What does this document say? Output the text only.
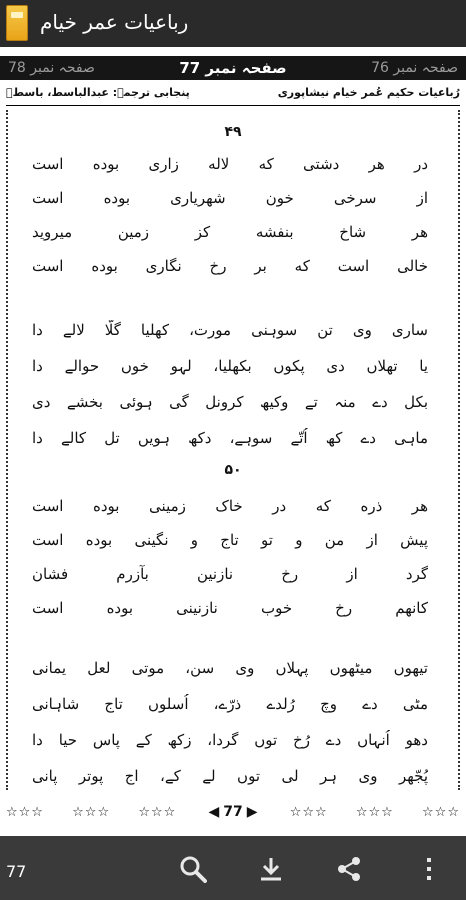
رباعیات عمر خیام
صفحہ نمبر 78	صفحہ نمبر 77	صفحہ نمبر 76
رُباعیات حکیم عُمر خیام نیشاپوری
پنجابی ترجمہ: عبدالباسط، باسطؔ
۴۹
در هر دشتی که لاله زاری بوده است
از سرخی خون شهریاری بوده است
هر شاخ بنفشه کز زمین میروید
خالی است که بر رخ نگاری بوده است
ساری وی تن سوہنی مورت، کھلیا گلّا لالے دا
یا تھلاں دی پکوں بکھلیا، لہو خوں حوالے دا
بکل دے منہ تے وکیھ کرونل گی ہوئی بخشے دی
ماہی دے کھ اُتّے سوہے، دکھ ہویں تل کالے دا
۵۰
هر ذره که در خاک زمینی بوده است
پیش از من و تو تاج و نگینی بوده است
گرد از رخ نازنین بآزرم فشان
کانهم رخ خوب نازنینی بوده است
تیھوں میٹھوں پہلاں وی سن، موتی لعل یمانی
مٹی دے وچ رُلدے ذرّے، اُسلوں تاج شاہانی
دھو اُنہاں دے رُخ توں گردا، زکھ کے پاس حیا دا
پُجّھر وی ہر لی توں لے کے، اج پوتر پانی
☆☆☆ ☆☆☆ ☆☆☆ ◀ 77 ▶ ☆☆☆ ☆☆☆ ☆☆☆
77
